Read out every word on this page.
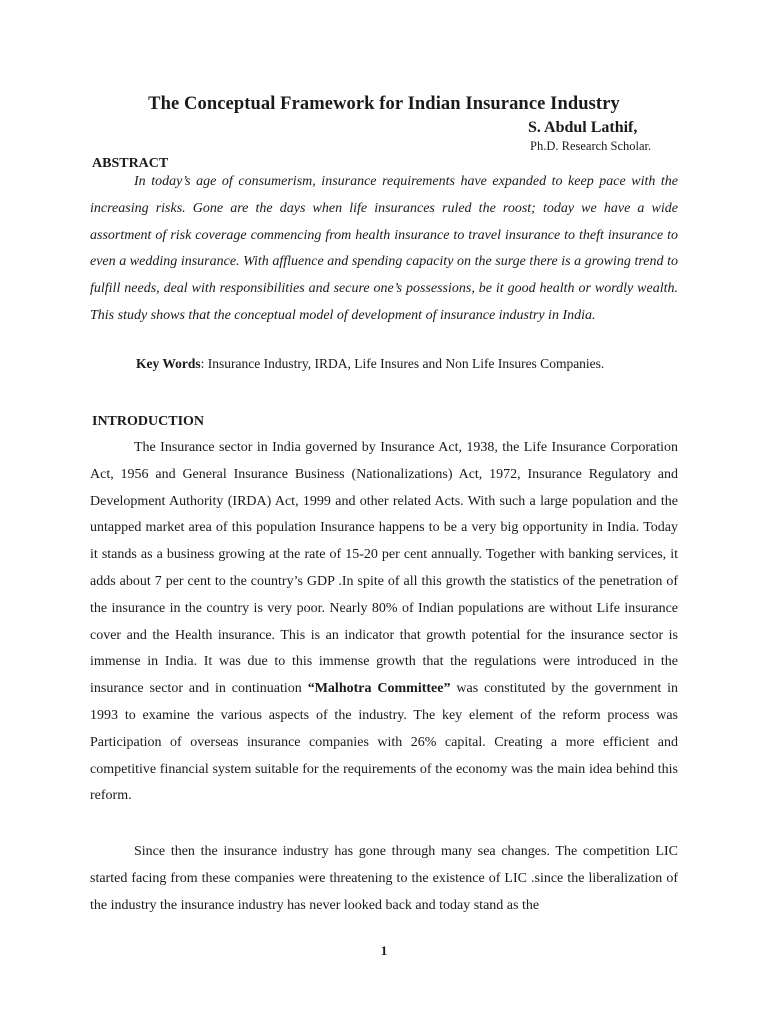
The Conceptual Framework for Indian Insurance Industry

S. Abdul Lathif,

Ph.D. Research Scholar.

ABSTRACT

In today’s age of consumerism, insurance requirements have expanded to keep pace with the increasing risks. Gone are the days when life insurances ruled the roost; today we have a wide assortment of risk coverage commencing from health insurance to travel insurance to theft insurance to even a wedding insurance. With affluence and spending capacity on the surge there is a growing trend to fulfill needs, deal with responsibilities and secure one’s possessions, be it good health or wordly wealth. This study shows that the conceptual model of development of insurance industry in India.

Key Words: Insurance Industry, IRDA, Life Insures and Non Life Insures Companies.

INTRODUCTION

The Insurance sector in India governed by Insurance Act, 1938, the Life Insurance Corporation Act, 1956 and General Insurance Business (Nationalizations) Act, 1972, Insurance Regulatory and Development Authority (IRDA) Act, 1999 and other related Acts. With such a large population and the untapped market area of this population Insurance happens to be a very big opportunity in India. Today it stands as a business growing at the rate of 15-20 per cent annually. Together with banking services, it adds about 7 per cent to the country’s GDP .In spite of all this growth the statistics of the penetration of the insurance in the country is very poor. Nearly 80% of Indian populations are without Life insurance cover and the Health insurance. This is an indicator that growth potential for the insurance sector is immense in India. It was due to this immense growth that the regulations were introduced in the insurance sector and in continuation “Malhotra Committee” was constituted by the government in 1993 to examine the various aspects of the industry. The key element of the reform process was Participation of overseas insurance companies with 26% capital. Creating a more efficient and competitive financial system suitable for the requirements of the economy was the main idea behind this reform.

Since then the insurance industry has gone through many sea changes. The competition LIC started facing from these companies were threatening to the existence of LIC .since the liberalization of the industry the insurance industry has never looked back and today stand as the

1
